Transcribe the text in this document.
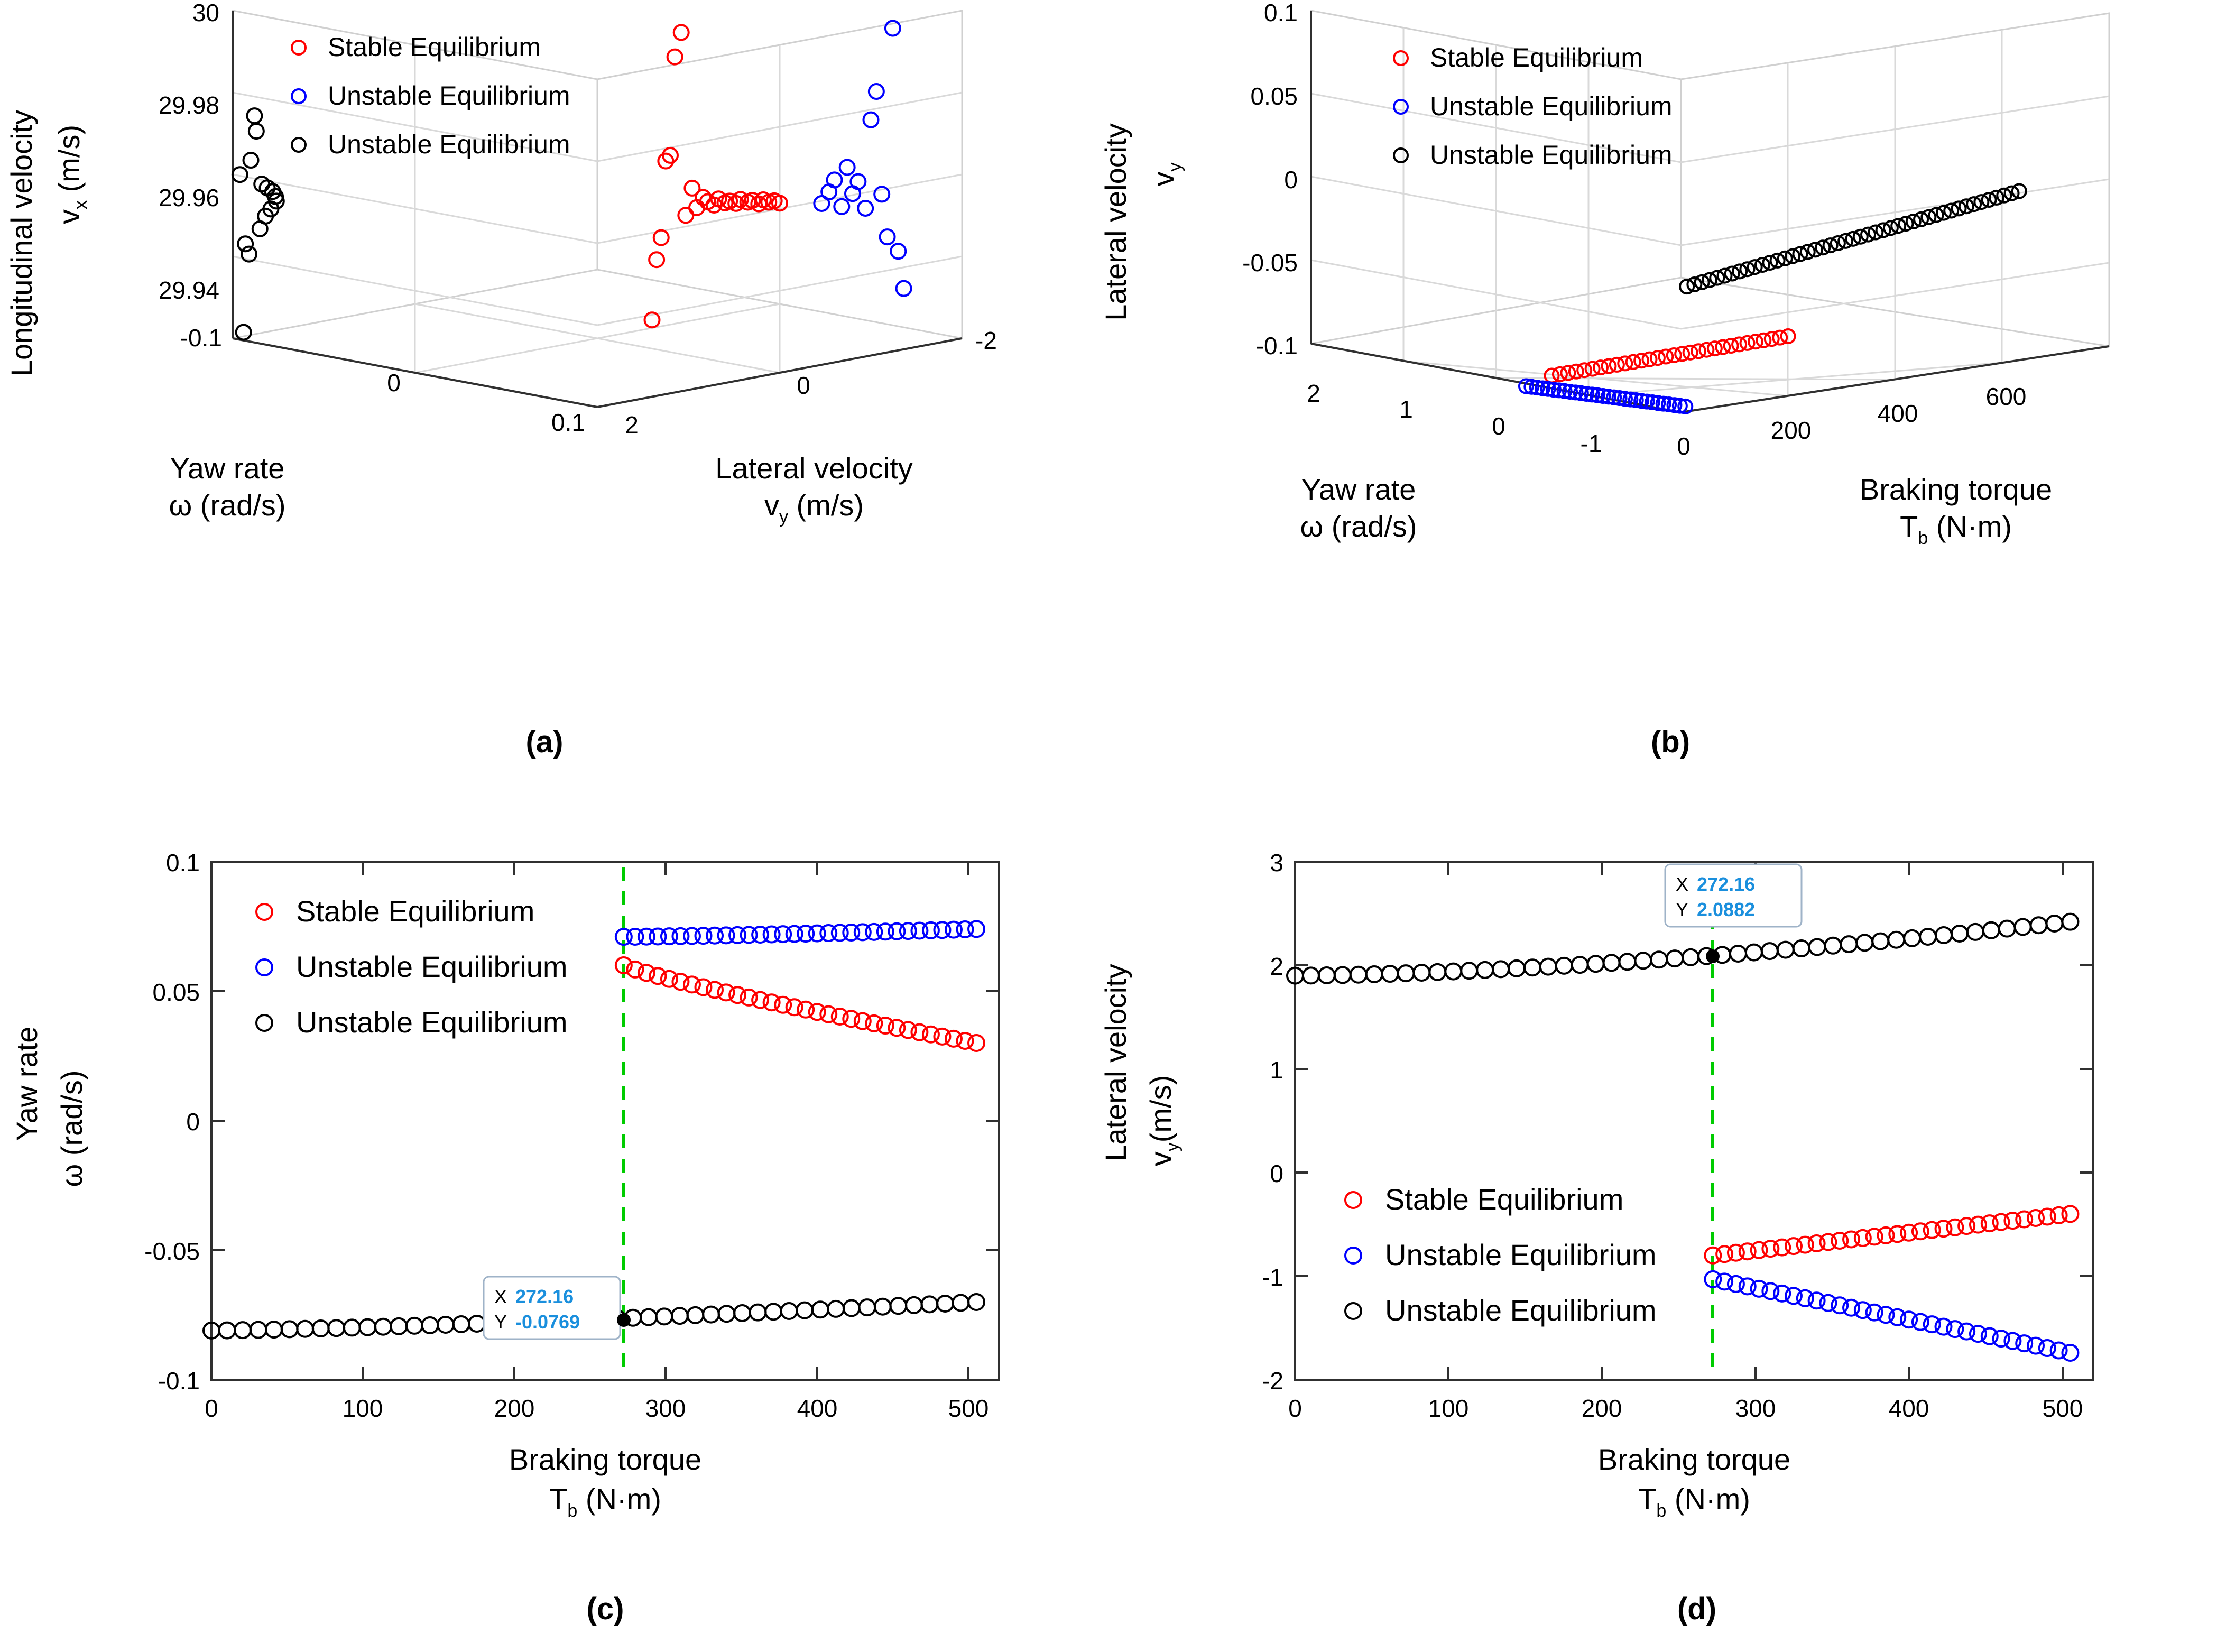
30
29.98
29.96
29.94
-0.1
0
0.1 2
0
-2
Longitudinal velocity $v_x$ (m/s)
Yaw rate
ω (rad/s)
Lateral velocity
$v_y$ (m/s)
Stable Equilibrium
Unstable Equilibrium
Unstable Equilibrium
(a)
0.1
0.05
0
-0.05
-0.1
2
1
0
-1	0
200
400
600
Lateral velocity $v_y$
Yaw rate
ω (rad/s)
Braking torque
$T_b$ (N·m)
Stable Equilibrium
Unstable Equilibrium
Unstable Equilibrium
(b)
0.1
0.05
0
-0.05
-0.1
0	100	200	300	400	500
Braking torque
$T_b$ (N·m)
Yaw rate ω (rad/s)
Stable Equilibrium
Unstable Equilibrium
Unstable Equilibrium
X 272.16
Y -0.0769
(c)
3
2
1
0
-1
-2
0	100	200	300	400	500
Braking torque
$T_b$ (N·m)
Lateral velocity $v_y(m/s)$
Stable Equilibrium
Unstable Equilibrium
Unstable Equilibrium
X 272.16
Y 2.0882
(d)
